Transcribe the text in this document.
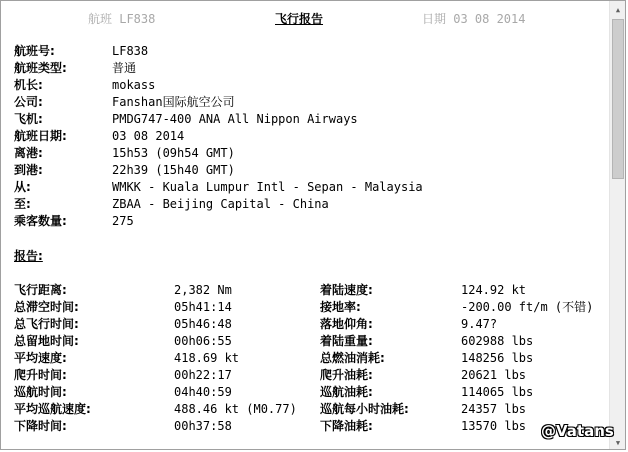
航班 LF838	飞行报告	日期 03 08 2014
航班号:	LF838
航班类型:	普通
机长:	mokass
公司:	Fanshan国际航空公司
飞机:	PMDG747-400 ANA All Nippon Airways
航班日期:	03 08 2014
离港:	15h53 (09h54 GMT)
到港:	22h39 (15h40 GMT)
从:	WMKK - Kuala Lumpur Intl - Sepan - Malaysia
至:	ZBAA - Beijing Capital - China
乘客数量:	275
报告:
飞行距离:	2,382 Nm	着陆速度:	124.92 kt
总滞空时间:	05h41:14	接地率:	-200.00 ft/m (不错)
总飞行时间:	05h46:48	落地仰角:	9.47?
总留地时间:	00h06:55	着陆重量:	602988 lbs
平均速度:	418.69 kt	总燃油消耗:	148256 lbs
爬升时间:	00h22:17	爬升油耗:	20621 lbs
巡航时间:	04h40:59	巡航油耗:	114065 lbs
平均巡航速度:	488.46 kt (M0.77) 巡航每小时油耗:	24357 lbs
下降时间:	00h37:58	下降油耗:	13570 lbs
▲
▼
@Vatans
